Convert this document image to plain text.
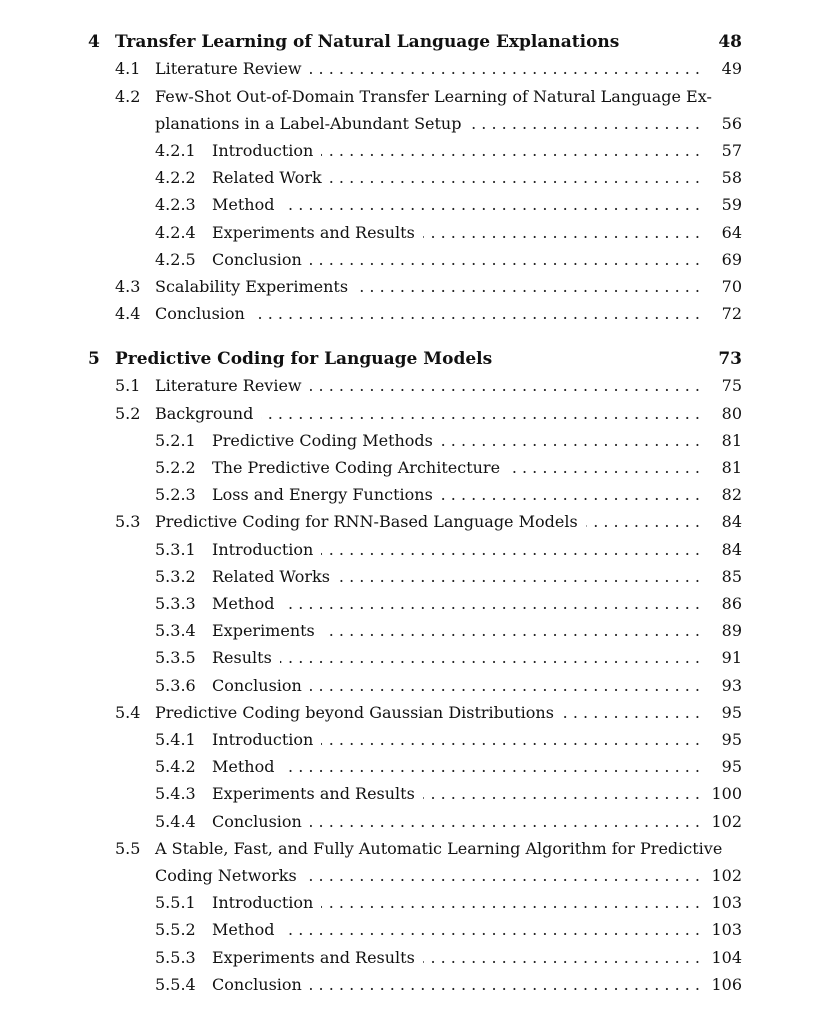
4 Transfer Learning of Natural Language Explanations	48
4.1 Literature Review	49
. . .
4.2 Few-Shot Out-of-Domain Transfer Learning of Natural Language Ex-
planations in a Label-Abundant Setup	56
. . .
4.2.1 Introduction	57
. . .
4.2.2 Related Work	58
. . .
4.2.3 Method	59
. . .
4.2.4 Experiments and Results	64
. . .
4.2.5 Conclusion	69
. . .
4.3 Scalability Experiments	70
. . .
4.4 Conclusion	72
. . .
5 Predictive Coding for Language Models	73
5.1 Literature Review	75
. . .
5.2 Background	80
. . .
5.2.1 Predictive Coding Methods	81
. . .
5.2.2 The Predictive Coding Architecture	81
. . .
5.2.3 Loss and Energy Functions	82
. . .
5.3 Predictive Coding for RNN-Based Language Models	84
. . .
5.3.1 Introduction	84
. . .
5.3.2 Related Works	85
. . .
5.3.3 Method	86
. . .
5.3.4 Experiments	89
. . .
5.3.5 Results	91
. . .
5.3.6 Conclusion	93
. . .
5.4 Predictive Coding beyond Gaussian Distributions	95
. . .
5.4.1 Introduction	95
. . .
5.4.2 Method	95
. . .
5.4.3 Experiments and Results	100
. . .
5.4.4 Conclusion	102
. . .
5.5 A Stable, Fast, and Fully Automatic Learning Algorithm for Predictive
Coding Networks	102
. . .
5.5.1 Introduction	103
. . .
5.5.2 Method	103
. . .
5.5.3 Experiments and Results	104
. . .
5.5.4 Conclusion	106
. . .
